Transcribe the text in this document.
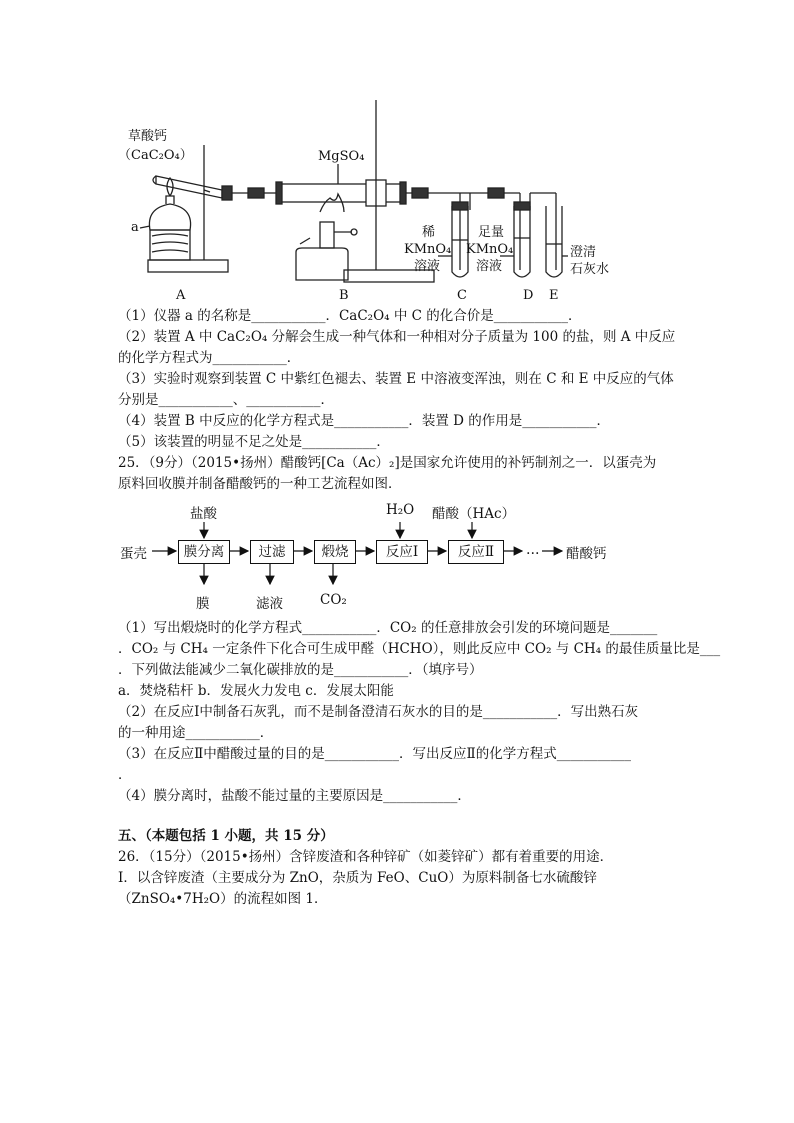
草酸钙
（CaC₂O₄）
a
MgSO₄
稀
KMnO₄
溶液
足量
KMnO₄
溶液
澄清
石灰水
A	B	C	D E
（1）仪器 a 的名称是___________．CaC₂O₄ 中 C 的化合价是___________．
（2）装置 A 中 CaC₂O₄ 分解会生成一种气体和一种相对分子质量为 100 的盐，则 A 中反应
的化学方程式为___________．
（3）实验时观察到装置 C 中紫红色褪去、装置 E 中溶液变浑浊，则在 C 和 E 中反应的气体
分别是___________、___________．
（4）装置 B 中反应的化学方程式是___________．装置 D 的作用是___________．
（5）该装置的明显不足之处是___________．
25．（9分）（2015•扬州）醋酸钙[Ca（Ac）₂]是国家允许使用的补钙制剂之一．以蛋壳为
原料回收膜并制备醋酸钙的一种工艺流程如图．
蛋壳	膜分离	过滤	煅烧	反应Ⅰ	反应Ⅱ	… 醋酸钙
盐酸	H₂O 醋酸（HAc）
膜	滤液	CO₂
（1）写出煅烧时的化学方程式___________．CO₂ 的任意排放会引发的环境问题是_______
．CO₂ 与 CH₄ 一定条件下化合可生成甲醛（HCHO），则此反应中 CO₂ 与 CH₄ 的最佳质量比是___
．下列做法能减少二氧化碳排放的是___________．（填序号）
a．焚烧秸杆 b．发展火力发电 c．发展太阳能
（2）在反应Ⅰ中制备石灰乳，而不是制备澄清石灰水的目的是___________．写出熟石灰
的一种用途___________．
（3）在反应Ⅱ中醋酸过量的目的是___________．写出反应Ⅱ的化学方程式___________
．
（4）膜分离时，盐酸不能过量的主要原因是___________．
五、（本题包括 1 小题，共 15 分）
26．（15分）（2015•扬州）含锌废渣和各种锌矿（如菱锌矿）都有着重要的用途．
Ⅰ．以含锌废渣（主要成分为 ZnO，杂质为 FeO、CuO）为原料制备七水硫酸锌
（ZnSO₄•7H₂O）的流程如图 1．
